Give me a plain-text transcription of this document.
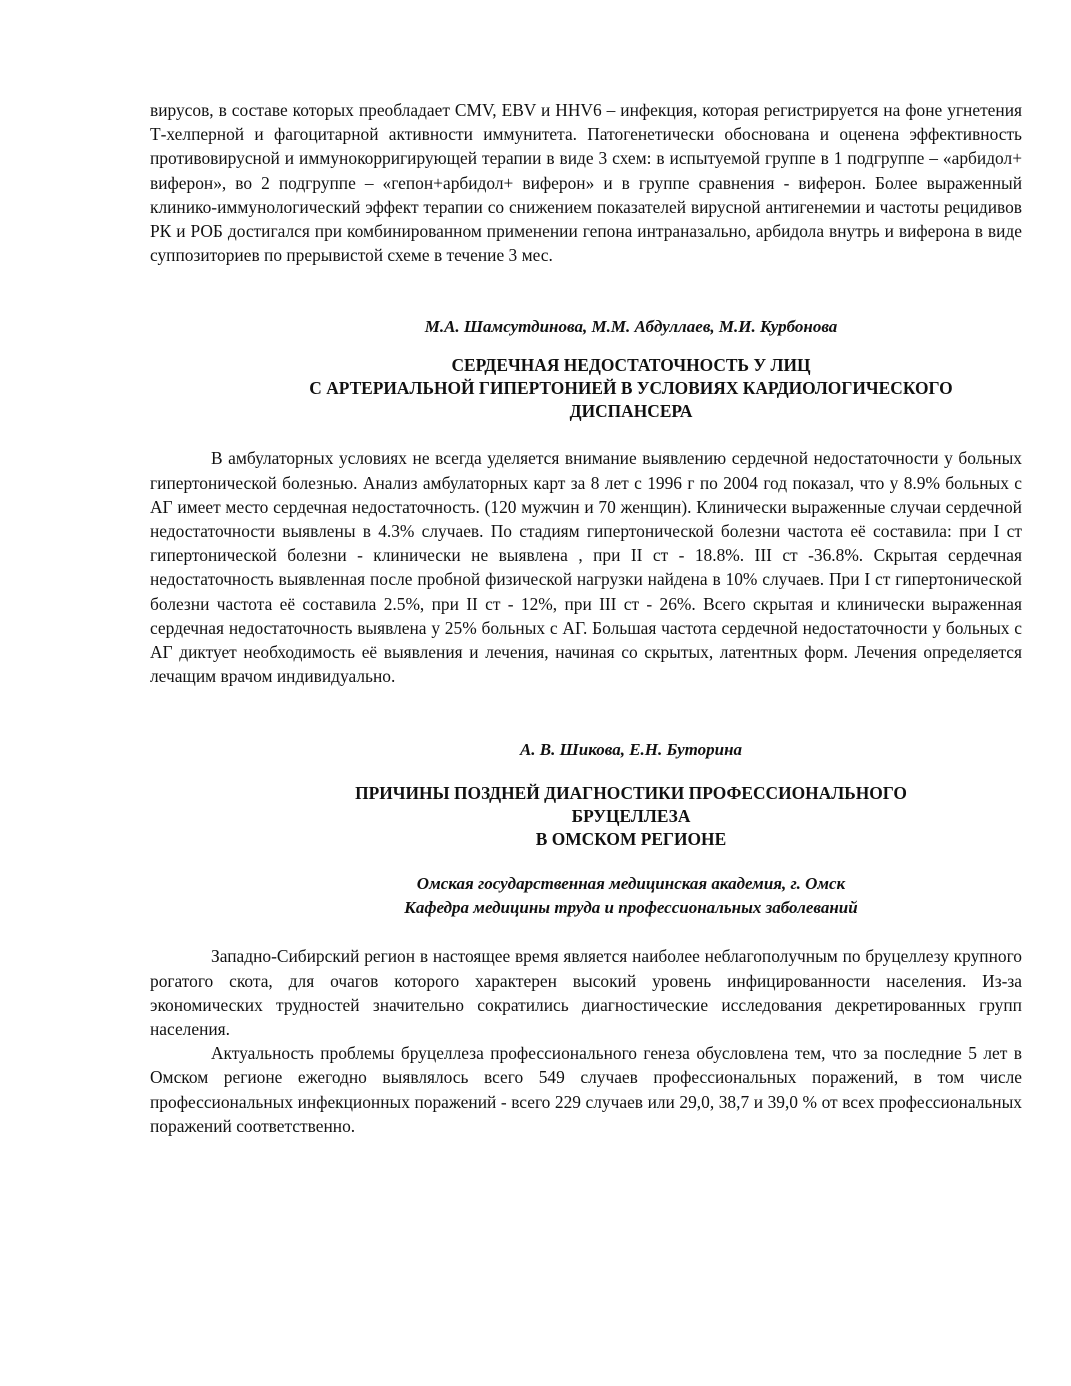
вирусов, в составе которых преобладает CMV, EBV и HHV6 – инфекция, которая регистрируется на фоне угнетения Т-хелперной и фагоцитарной активности иммунитета. Патогенетически обоснована и оценена эффективность противовирусной и иммунокорригирующей терапии в виде 3 схем: в испытуемой группе в 1 подгруппе – «арбидол+ виферон», во 2 подгруппе – «гепон+арбидол+ виферон» и в группе сравнения - виферон. Более выраженный клинико-иммунологический эффект терапии со снижением показателей вирусной антигенемии и частоты рецидивов РК и РОБ достигался при комбинированном применении гепона интраназально, арбидола внутрь и виферона в виде суппозиториев по прерывистой схеме в течение 3 мес.

М.А. Шамсутдинова, М.М. Абдуллаев, М.И. Курбонова

СЕРДЕЧНАЯ НЕДОСТАТОЧНОСТЬ У ЛИЦ
С АРТЕРИАЛЬНОЙ ГИПЕРТОНИЕЙ В УСЛОВИЯХ КАРДИОЛОГИЧЕСКОГО
ДИСПАНСЕРА

В амбулаторных условиях не всегда уделяется внимание выявлению сердечной недостаточности у больных гипертонической болезнью. Анализ амбулаторных карт за 8 лет с 1996 г по 2004 год показал, что у 8.9% больных с АГ имеет место сердечная недостаточность. (120 мужчин и 70 женщин). Клинически выраженные случаи сердечной недостаточности выявлены в 4.3% случаев. По стадиям гипертонической болезни частота её составила: при I ст гипертонической болезни - клинически не выявлена , при II ст - 18.8%. III ст -36.8%. Скрытая сердечная недостаточность выявленная после пробной физической нагрузки найдена в 10% случаев. При I ст гипертонической болезни частота её составила 2.5%, при II ст - 12%, при III ст - 26%. Всего скрытая и клинически выраженная сердечная недостаточность выявлена у 25% больных с АГ. Большая частота сердечной недостаточности у больных с АГ диктует необходимость её выявления и лечения, начиная со скрытых, латентных форм. Лечения определяется лечащим врачом индивидуально.

А. В. Шикова, Е.Н. Буторина

ПРИЧИНЫ ПОЗДНЕЙ ДИАГНОСТИКИ ПРОФЕССИОНАЛЬНОГО
БРУЦЕЛЛЕЗА
В ОМСКОМ РЕГИОНЕ

Омская государственная медицинская академия, г. Омск

Кафедра медицины труда и профессиональных заболеваний

Западно-Сибирский регион в настоящее время является наиболее неблагополучным по бруцеллезу крупного рогатого скота, для очагов которого характерен высокий уровень инфицированности населения. Из-за экономических трудностей значительно сократились диагностические исследования декретированных групп населения.

Актуальность проблемы бруцеллеза профессионального генеза обусловлена тем, что за последние 5 лет в Омском регионе ежегодно выявлялось всего 549 случаев профессиональных поражений, в том числе профессиональных инфекционных поражений - всего 229 случаев или 29,0, 38,7 и 39,0 % от всех профессиональных поражений соответственно.
